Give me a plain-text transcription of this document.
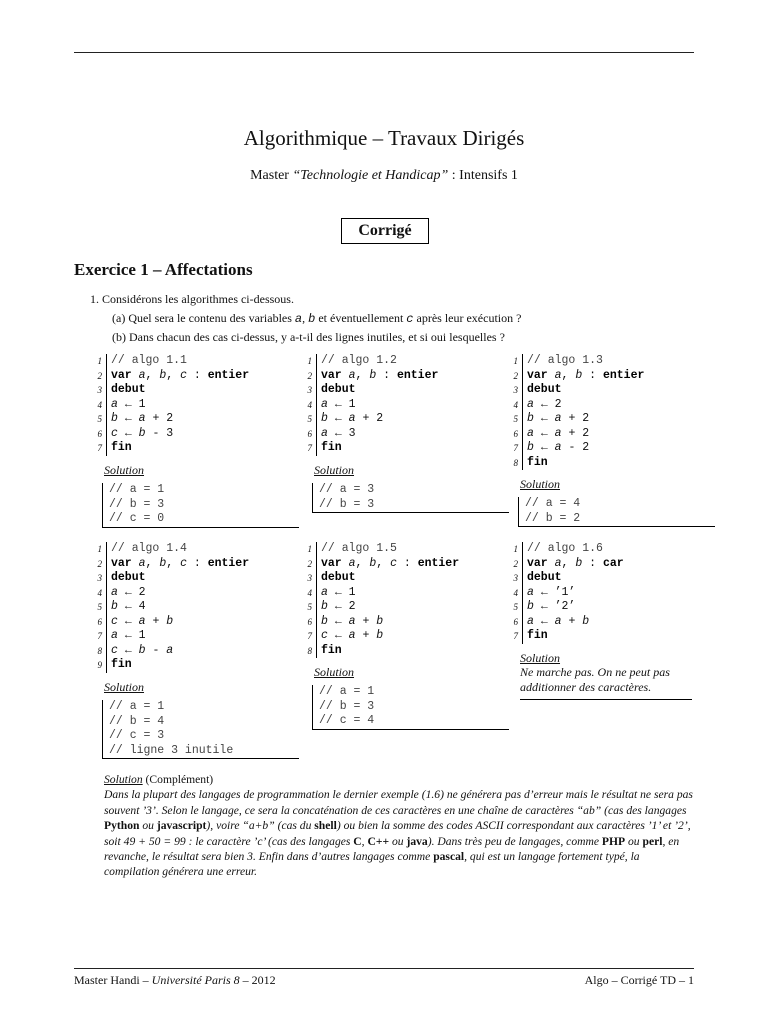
Algorithmique – Travaux Dirigés
Master “Technologie et Handicap” : Intensifs 1
Corrigé
Exercice 1 – Affectations
1. Considérons les algorithmes ci-dessous.
(a) Quel sera le contenu des variables a, b et éventuellement c après leur exécution ?
(b) Dans chacun des cas ci-dessus, y a-t-il des lignes inutiles, et si oui lesquelles ?
1
2
3
4
5
6
7
// algo 1.1
var a, b, c : entier
debut
a ← 1
b ← a + 2
c ← b - 3
fin
Solution
// a = 1
// b = 3
// c = 0
1
2
3
4
5
6
7
// algo 1.2
var a, b : entier
debut
a ← 1
b ← a + 2
a ← 3
fin
Solution
// a = 3
// b = 3
1
2
3
4
5
6
7
8
// algo 1.3
var a, b : entier
debut
a ← 2
b ← a + 2
a ← a + 2
b ← a - 2
fin
Solution
// a = 4
// b = 2
1
2
3
4
5
6
7
8
9
// algo 1.4
var a, b, c : entier
debut
a ← 2
b ← 4
c ← a + b
a ← 1
c ← b - a
fin
Solution
// a = 1
// b = 4
// c = 3
// ligne 3 inutile
1
2
3
4
5
6
7
8
// algo 1.5
var a, b, c : entier
debut
a ← 1
b ← 2
b ← a + b
c ← a + b
fin
Solution
// a = 1
// b = 3
// c = 4
1
2
3
4
5
6
7
// algo 1.6
var a, b : car
debut
a ← ’1’
b ← ’2’
a ← a + b
fin
Solution
Ne marche pas. On ne peut pas additionner des caractères.
Solution (Complément)
Dans la plupart des langages de programmation le dernier exemple (1.6) ne générera pas d’erreur mais le résultat ne sera pas souvent ’3’. Selon le langage, ce sera la concaténation de ces caractères en une chaîne de caractères “ab” (cas des langages Python ou javascript), voire “a+b” (cas du shell) ou bien la somme des codes ASCII correspondant aux caractères ’1’ et ’2’, soit 49 + 50 = 99 : le caractère ’c’ (cas des langages C, C++ ou java). Dans très peu de langages, comme PHP ou perl, en revanche, le résultat sera bien 3. Enfin dans d’autres langages comme pascal, qui est un langage fortement typé, la compilation générera une erreur.
Master Handi – Université Paris 8 – 2012	Algo – Corrigé TD – 1
